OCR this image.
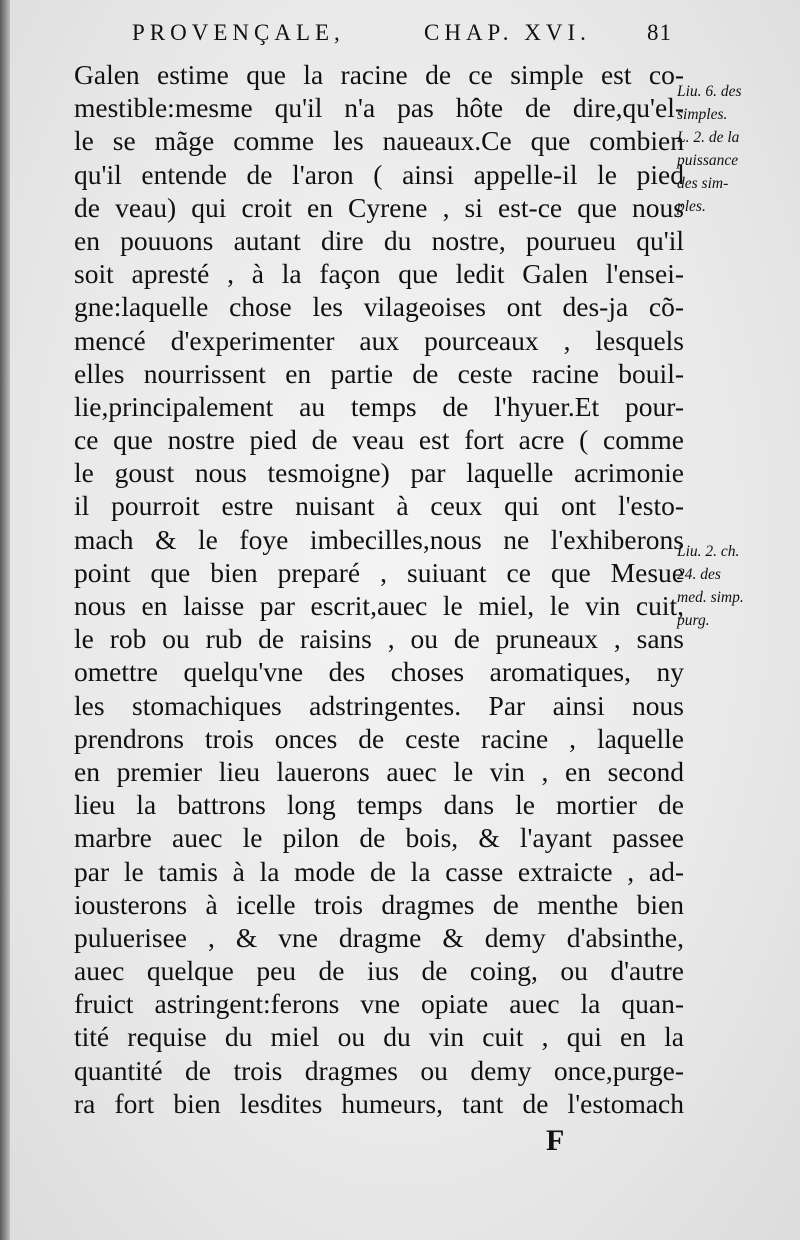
PROVENÇALE,	CHAP. XVI. 81
Galen estime que la racine de ce simple est co-
mestible:mesme qu'il n'a pas hôte de dire,qu'el-
le se mãge comme les naueaux.Ce que combien
qu'il entende de l'aron ( ainsi appelle-il le pied
de veau) qui croit en Cyrene , si est-ce que nous
en pouuons autant dire du nostre, pourueu qu'il
soit apresté , à la façon que ledit Galen l'ensei-
gne:laquelle chose les vilageoises ont des-ja cõ-
mencé d'experimenter aux pourceaux , lesquels
elles nourrissent en partie de ceste racine bouil-
lie,principalement au temps de l'hyuer.Et pour-
ce que nostre pied de veau est fort acre ( comme
le goust nous tesmoigne) par laquelle acrimonie
il pourroit estre nuisant à ceux qui ont l'esto-
mach & le foye imbecilles,nous ne l'exhiberons
point que bien preparé , suiuant ce que Mesue
nous en laisse par escrit,auec le miel, le vin cuit,
le rob ou rub de raisins , ou de pruneaux , sans
omettre quelqu'vne des choses aromatiques, ny
les stomachiques adstringentes. Par ainsi nous
prendrons trois onces de ceste racine , laquelle
en premier lieu lauerons auec le vin , en second
lieu la battrons long temps dans le mortier de
marbre auec le pilon de bois, & l'ayant passee
par le tamis à la mode de la casse extraicte , ad-
iousterons à icelle trois dragmes de menthe bien
puluerisee , & vne dragme & demy d'absinthe,
auec quelque peu de ius de coing, ou d'autre
fruict astringent:ferons vne opiate auec la quan-
tité requise du miel ou du vin cuit , qui en la
quantité de trois dragmes ou demy once,purge-
ra fort bien lesdites humeurs, tant de l'estomach
Liu. 6. des
simples.
L. 2. de la
puissance
des sim-
ples.
Liu. 2. ch.
24. des
med. simp.
purg.
F
